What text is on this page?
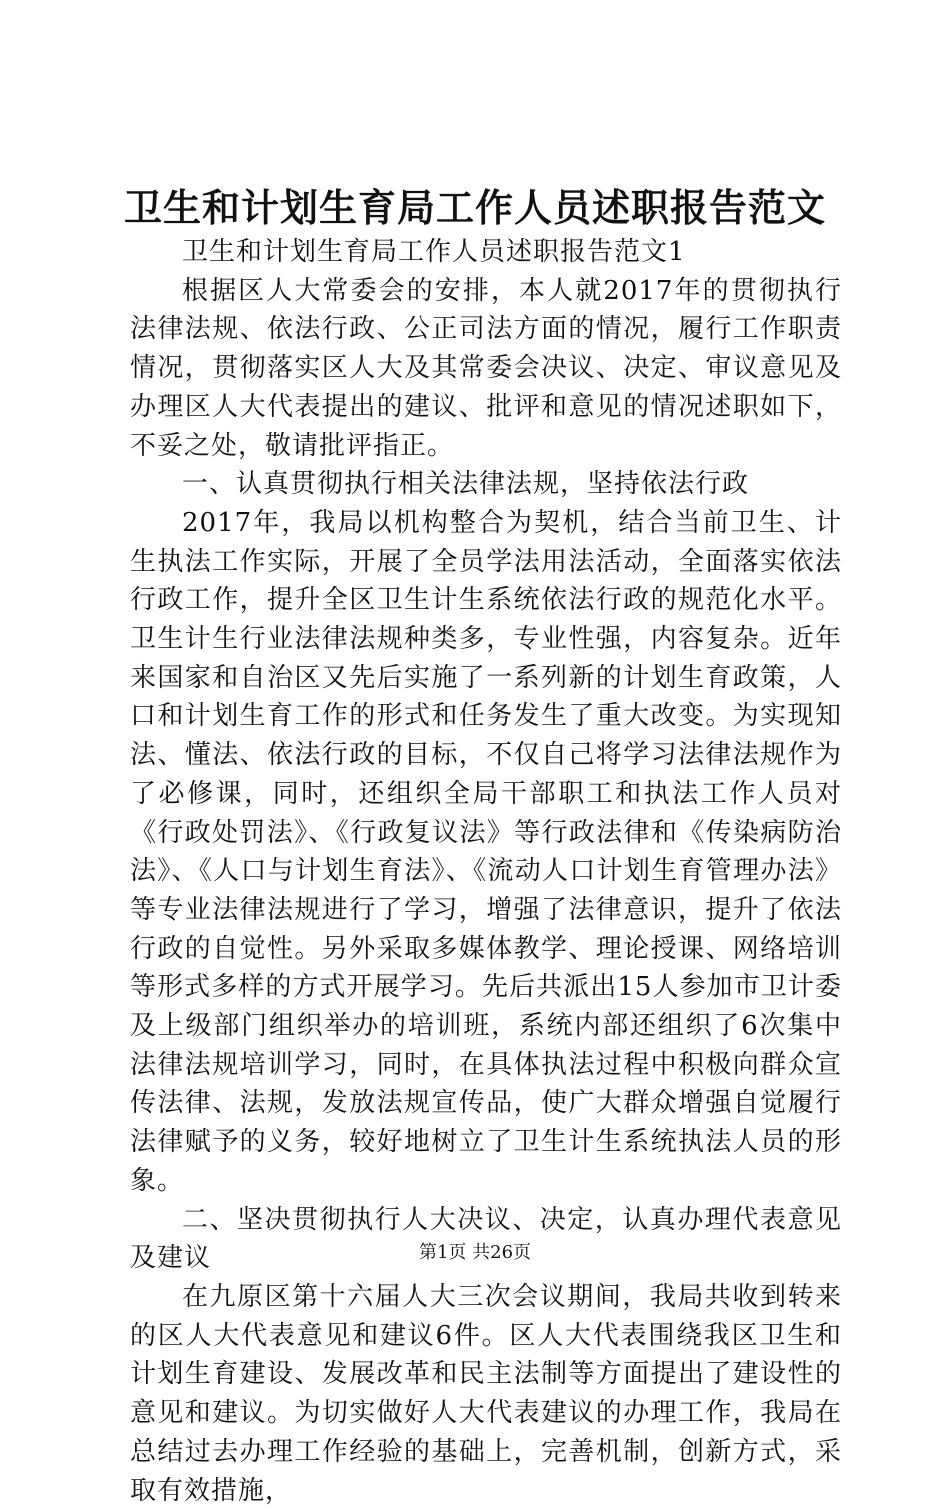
卫生和计划生育局工作人员述职报告范文

卫生和计划生育局工作人员述职报告范文1

根据区人大常委会的安排，本人就2017年的贯彻执行法律法规、依法行政、公正司法方面的情况，履行工作职责情况，贯彻落实区人大及其常委会决议、决定、审议意见及办理区人大代表提出的建议、批评和意见的情况述职如下，不妥之处，敬请批评指正。

一、认真贯彻执行相关法律法规，坚持依法行政

2017年，我局以机构整合为契机，结合当前卫生、计生执法工作实际，开展了全员学法用法活动，全面落实依法行政工作，提升全区卫生计生系统依法行政的规范化水平。卫生计生行业法律法规种类多，专业性强，内容复杂。近年来国家和自治区又先后实施了一系列新的计划生育政策，人口和计划生育工作的形式和任务发生了重大改变。为实现知法、懂法、依法行政的目标，不仅自己将学习法律法规作为了必修课，同时，还组织全局干部职工和执法工作人员对《行政处罚法》、《行政复议法》等行政法律和《传染病防治法》、《人口与计划生育法》、《流动人口计划生育管理办法》等专业法律法规进行了学习，增强了法律意识，提升了依法行政的自觉性。另外采取多媒体教学、理论授课、网络培训等形式多样的方式开展学习。先后共派出15人参加市卫计委及上级部门组织举办的培训班，系统内部还组织了6次集中法律法规培训学习，同时，在具体执法过程中积极向群众宣传法律、法规，发放法规宣传品，使广大群众增强自觉履行法律赋予的义务，较好地树立了卫生计生系统执法人员的形象。

二、坚决贯彻执行人大决议、决定，认真办理代表意见及建议

在九原区第十六届人大三次会议期间，我局共收到转来的区人大代表意见和建议6件。区人大代表围绕我区卫生和计划生育建设、发展改革和民主法制等方面提出了建设性的意见和建议。为切实做好人大代表建议的办理工作，我局在总结过去办理工作经验的基础上，完善机制，创新方式，采取有效措施，

第1页 共26页
